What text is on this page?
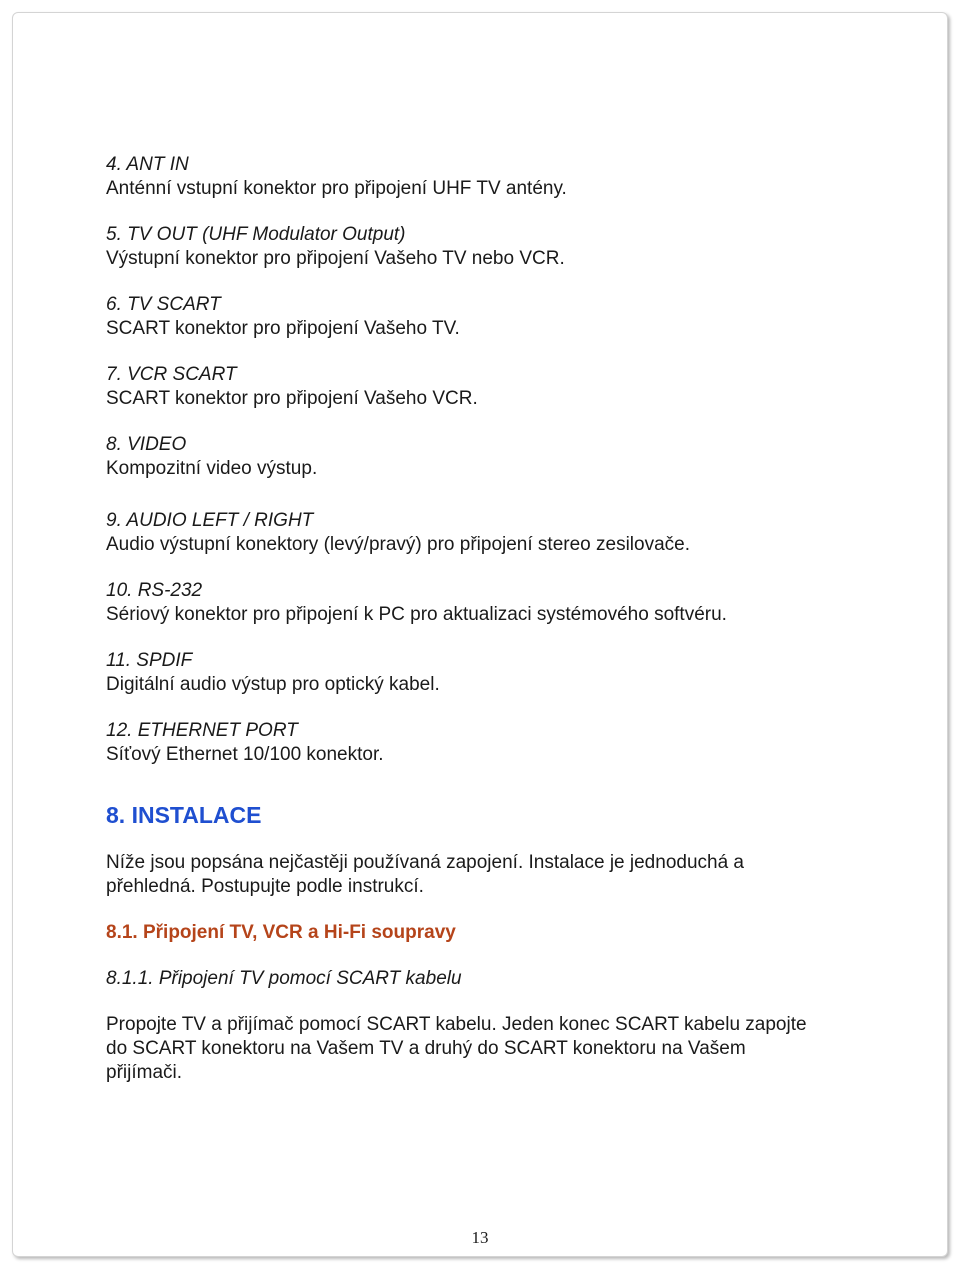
4. ANT IN
Anténní vstupní konektor pro připojení UHF TV antény.
5. TV OUT (UHF Modulator Output)
Výstupní konektor pro připojení Vašeho TV nebo VCR.
6. TV SCART
SCART konektor pro připojení Vašeho TV.
7. VCR SCART
SCART konektor pro připojení Vašeho VCR.
8. VIDEO
Kompozitní video výstup.
9. AUDIO LEFT / RIGHT
Audio výstupní konektory (levý/pravý) pro připojení stereo zesilovače.
10. RS-232
Sériový konektor pro připojení k PC pro aktualizaci systémového softvéru.
11. SPDIF
Digitální audio výstup pro optický kabel.
12. ETHERNET PORT
Síťový Ethernet 10/100 konektor.
8. INSTALACE
Níže jsou popsána nejčastěji používaná zapojení. Instalace je jednoduchá a přehledná. Postupujte podle instrukcí.
8.1. Připojení TV, VCR a Hi-Fi soupravy
8.1.1. Připojení TV pomocí SCART kabelu
Propojte TV a přijímač pomocí SCART kabelu. Jeden konec SCART kabelu zapojte do SCART konektoru na Vašem TV a druhý do SCART konektoru na Vašem přijímači.
13
